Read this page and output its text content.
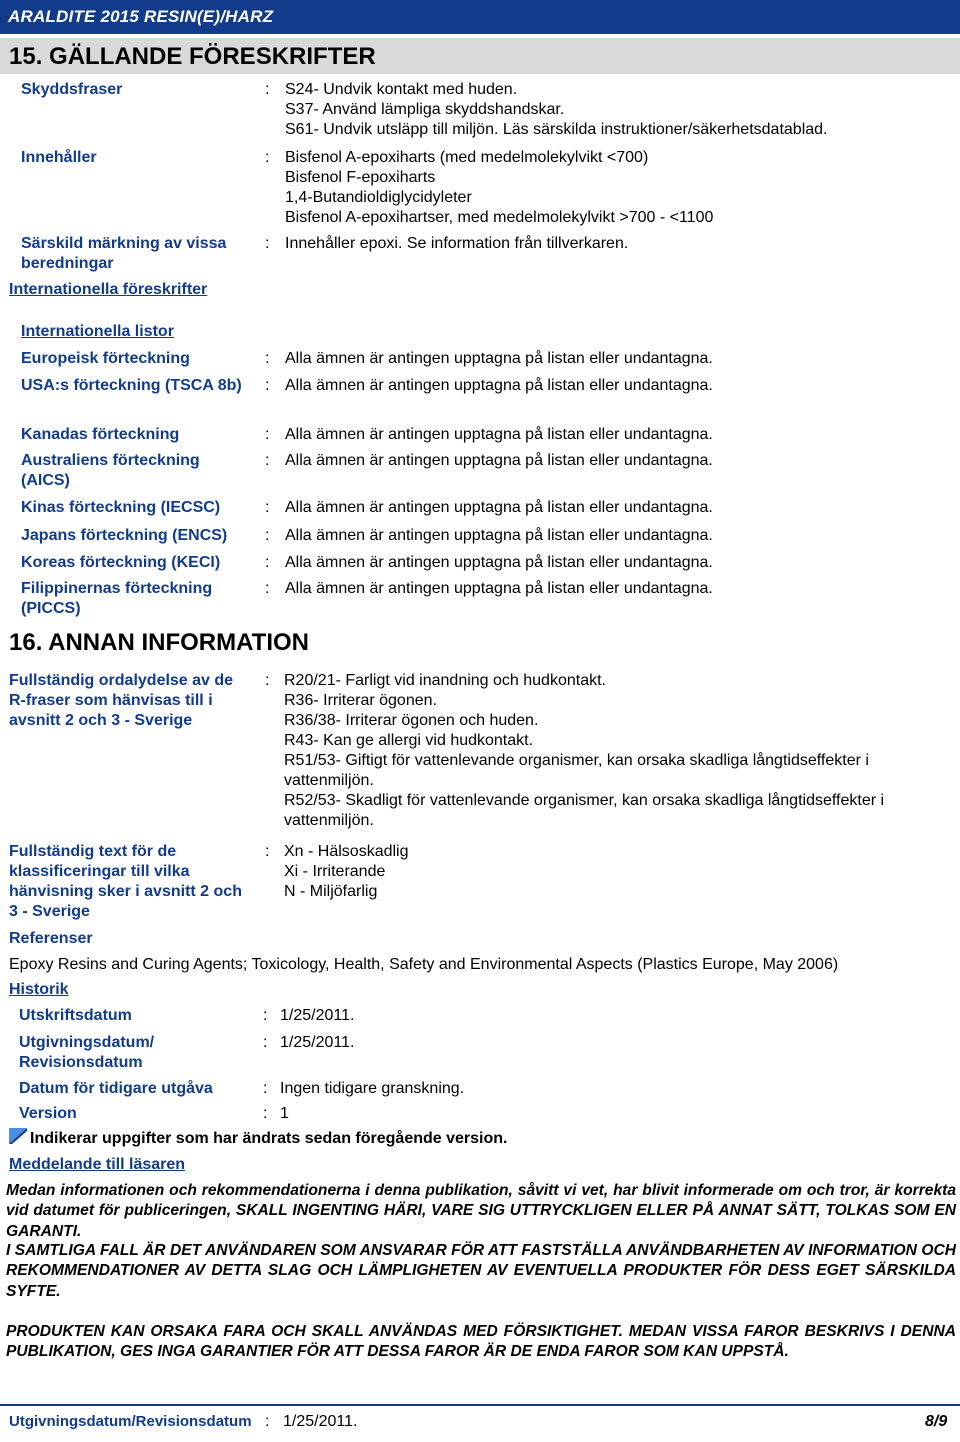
ARALDITE 2015 RESIN(E)/HARZ
15. GÄLLANDE FÖRESKRIFTER
Skyddsfraser	: S24- Undvik kontakt med huden.
S37- Använd lämpliga skyddshandskar.
S61- Undvik utsläpp till miljön. Läs särskilda instruktioner/säkerhetsdatablad.
Innehåller	: Bisfenol A-epoxiharts (med medelmolekylvikt <700)
Bisfenol F-epoxiharts
1,4-Butandioldiglycidyleter
Bisfenol A-epoxihartser, med medelmolekylvikt >700 - <1100
Särskild märkning av vissa beredningar
: Innehåller epoxi. Se information från tillverkaren.
Internationella föreskrifter
Internationella listor
Europeisk förteckning	: Alla ämnen är antingen upptagna på listan eller undantagna.
USA:s förteckning (TSCA 8b) : Alla ämnen är antingen upptagna på listan eller undantagna.
Kanadas förteckning	: Alla ämnen är antingen upptagna på listan eller undantagna.
Australiens förteckning (AICS)
: Alla ämnen är antingen upptagna på listan eller undantagna.
Kinas förteckning (IECSC)	: Alla ämnen är antingen upptagna på listan eller undantagna.
Japans förteckning (ENCS)	: Alla ämnen är antingen upptagna på listan eller undantagna.
Koreas förteckning (KECI)	: Alla ämnen är antingen upptagna på listan eller undantagna.
Filippinernas förteckning (PICCS)
: Alla ämnen är antingen upptagna på listan eller undantagna.
16. ANNAN INFORMATION
Fullständig ordalydelse av de R-fraser som hänvisas till i avsnitt 2 och 3 - Sverige
: R20/21- Farligt vid inandning och hudkontakt.
R36- Irriterar ögonen.
R36/38- Irriterar ögonen och huden.
R43- Kan ge allergi vid hudkontakt.
R51/53- Giftigt för vattenlevande organismer, kan orsaka skadliga långtidseffekter i vattenmiljön.
R52/53- Skadligt för vattenlevande organismer, kan orsaka skadliga långtidseffekter i vattenmiljön.
Fullständig text för de klassificeringar till vilka hänvisning sker i avsnitt 2 och 3 - Sverige
: Xn - Hälsoskadlig
Xi - Irriterande
N - Miljöfarlig
Referenser
Epoxy Resins and Curing Agents; Toxicology, Health, Safety and Environmental Aspects (Plastics Europe, May 2006)
Historik
Utskriftsdatum	: 1/25/2011.
Utgivningsdatum/ Revisionsdatum
: 1/25/2011.
Datum för tidigare utgåva	: Ingen tidigare granskning.
Version	: 1
Indikerar uppgifter som har ändrats sedan föregående version.
Meddelande till läsaren
Medan informationen och rekommendationerna i denna publikation, såvitt vi vet, har blivit informerade om och tror, är korrekta vid datumet för publiceringen, SKALL INGENTING HÄRI, VARE SIG UTTRYCKLIGEN ELLER PÅ ANNAT SÄTT, TOLKAS SOM EN GARANTI.
I SAMTLIGA FALL ÄR DET ANVÄNDAREN SOM ANSVARAR FÖR ATT FASTSTÄLLA ANVÄNDBARHETEN AV INFORMATION OCH REKOMMENDATIONER AV DETTA SLAG OCH LÄMPLIGHETEN AV EVENTUELLA PRODUKTER FÖR DESS EGET SÄRSKILDA SYFTE.
PRODUKTEN KAN ORSAKA FARA OCH SKALL ANVÄNDAS MED FÖRSIKTIGHET. MEDAN VISSA FAROR BESKRIVS I DENNA PUBLIKATION, GES INGA GARANTIER FÖR ATT DESSA FAROR ÄR DE ENDA FAROR SOM KAN UPPSTÅ.
Utgivningsdatum/Revisionsdatum : 1/25/2011.	8/9
